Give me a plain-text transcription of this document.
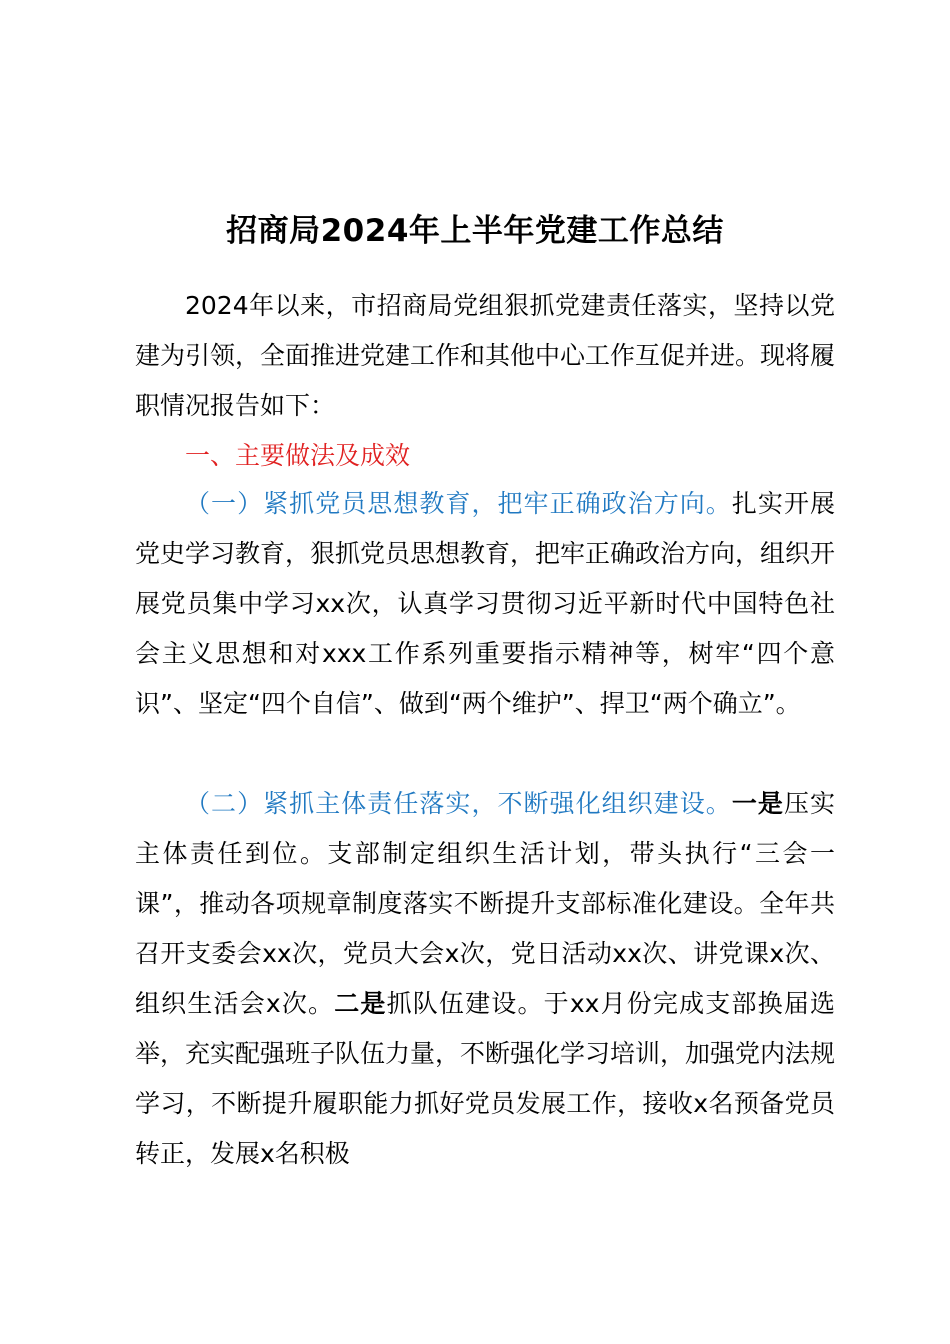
招商局2024年上半年党建工作总结

2024年以来，市招商局党组狠抓党建责任落实，坚持以党建为引领，全面推进党建工作和其他中心工作互促并进。现将履职情况报告如下：

一、主要做法及成效

（一）紧抓党员思想教育，把牢正确政治方向。扎实开展党史学习教育，狠抓党员思想教育，把牢正确政治方向，组织开展党员集中学习xx次，认真学习贯彻习近平新时代中国特色社会主义思想和对xxx工作系列重要指示精神等，树牢“四个意识”、坚定“四个自信”、做到“两个维护”、捍卫“两个确立”。

（二）紧抓主体责任落实，不断强化组织建设。一是压实主体责任到位。支部制定组织生活计划，带头执行“三会一课”，推动各项规章制度落实不断提升支部标准化建设。全年共召开支委会xx次，党员大会x次，党日活动xx次、讲党课x次、组织生活会x次。二是抓队伍建设。于xx月份完成支部换届选举，充实配强班子队伍力量，不断强化学习培训，加强党内法规学习，不断提升履职能力抓好党员发展工作，接收x名预备党员转正，发展x名积极
